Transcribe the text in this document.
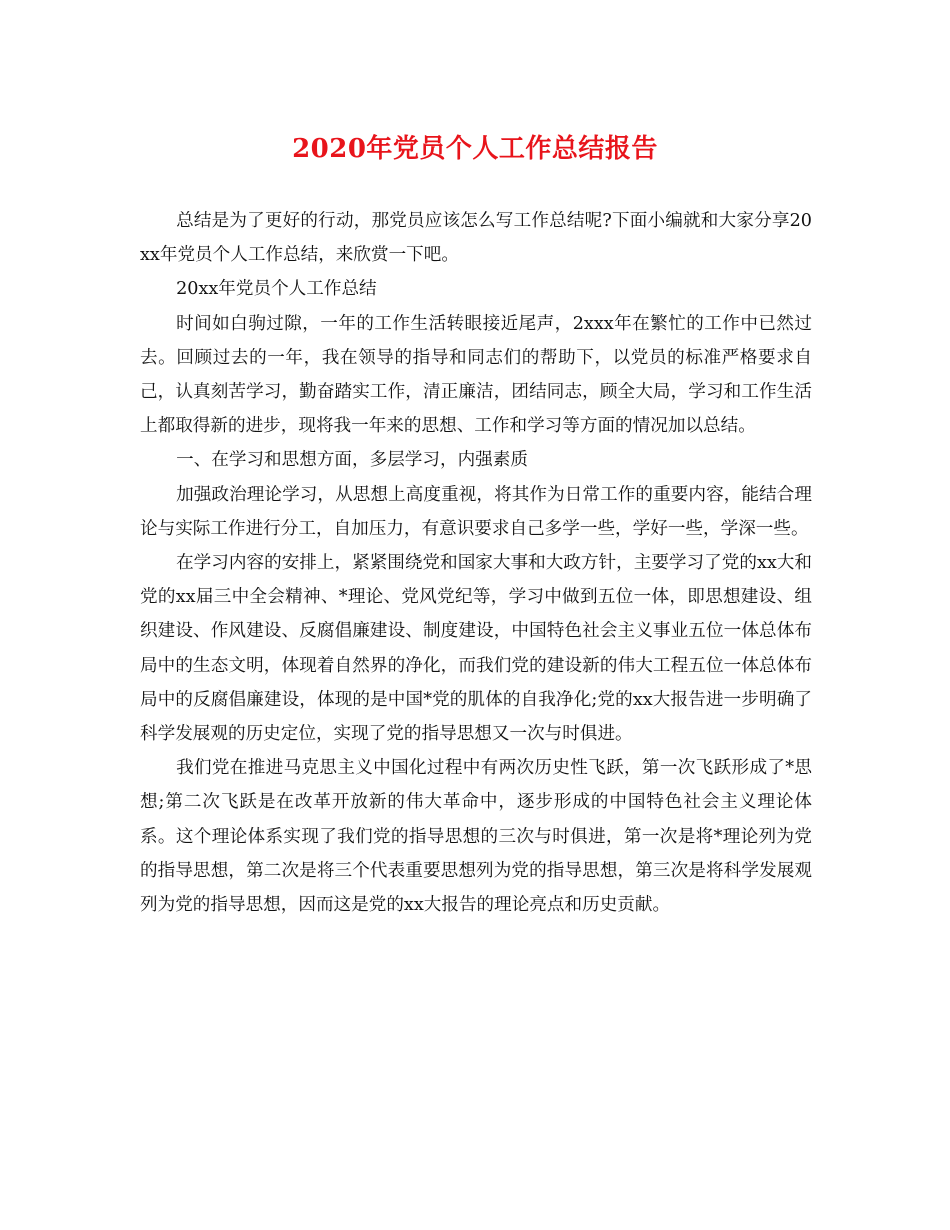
2020年党员个人工作总结报告

总结是为了更好的行动，那党员应该怎么写工作总结呢?下面小编就和大家分享20xx年党员个人工作总结，来欣赏一下吧。

20xx年党员个人工作总结

时间如白驹过隙，一年的工作生活转眼接近尾声，2xxx年在繁忙的工作中已然过去。回顾过去的一年，我在领导的指导和同志们的帮助下，以党员的标准严格要求自己，认真刻苦学习，勤奋踏实工作，清正廉洁，团结同志，顾全大局，学习和工作生活上都取得新的进步，现将我一年来的思想、工作和学习等方面的情况加以总结。

一、在学习和思想方面，多层学习，内强素质

加强政治理论学习，从思想上高度重视，将其作为日常工作的重要内容，能结合理论与实际工作进行分工，自加压力，有意识要求自己多学一些，学好一些，学深一些。

在学习内容的安排上，紧紧围绕党和国家大事和大政方针，主要学习了党的xx大和党的xx届三中全会精神、*理论、党风党纪等，学习中做到五位一体，即思想建设、组织建设、作风建设、反腐倡廉建设、制度建设，中国特色社会主义事业五位一体总体布局中的生态文明，体现着自然界的净化，而我们党的建设新的伟大工程五位一体总体布局中的反腐倡廉建设，体现的是中国*党的肌体的自我净化;党的xx大报告进一步明确了科学发展观的历史定位，实现了党的指导思想又一次与时俱进。

我们党在推进马克思主义中国化过程中有两次历史性飞跃，第一次飞跃形成了*思想;第二次飞跃是在改革开放新的伟大革命中，逐步形成的中国特色社会主义理论体系。这个理论体系实现了我们党的指导思想的三次与时俱进，第一次是将*理论列为党的指导思想，第二次是将三个代表重要思想列为党的指导思想，第三次是将科学发展观列为党的指导思想，因而这是党的xx大报告的理论亮点和历史贡献。
